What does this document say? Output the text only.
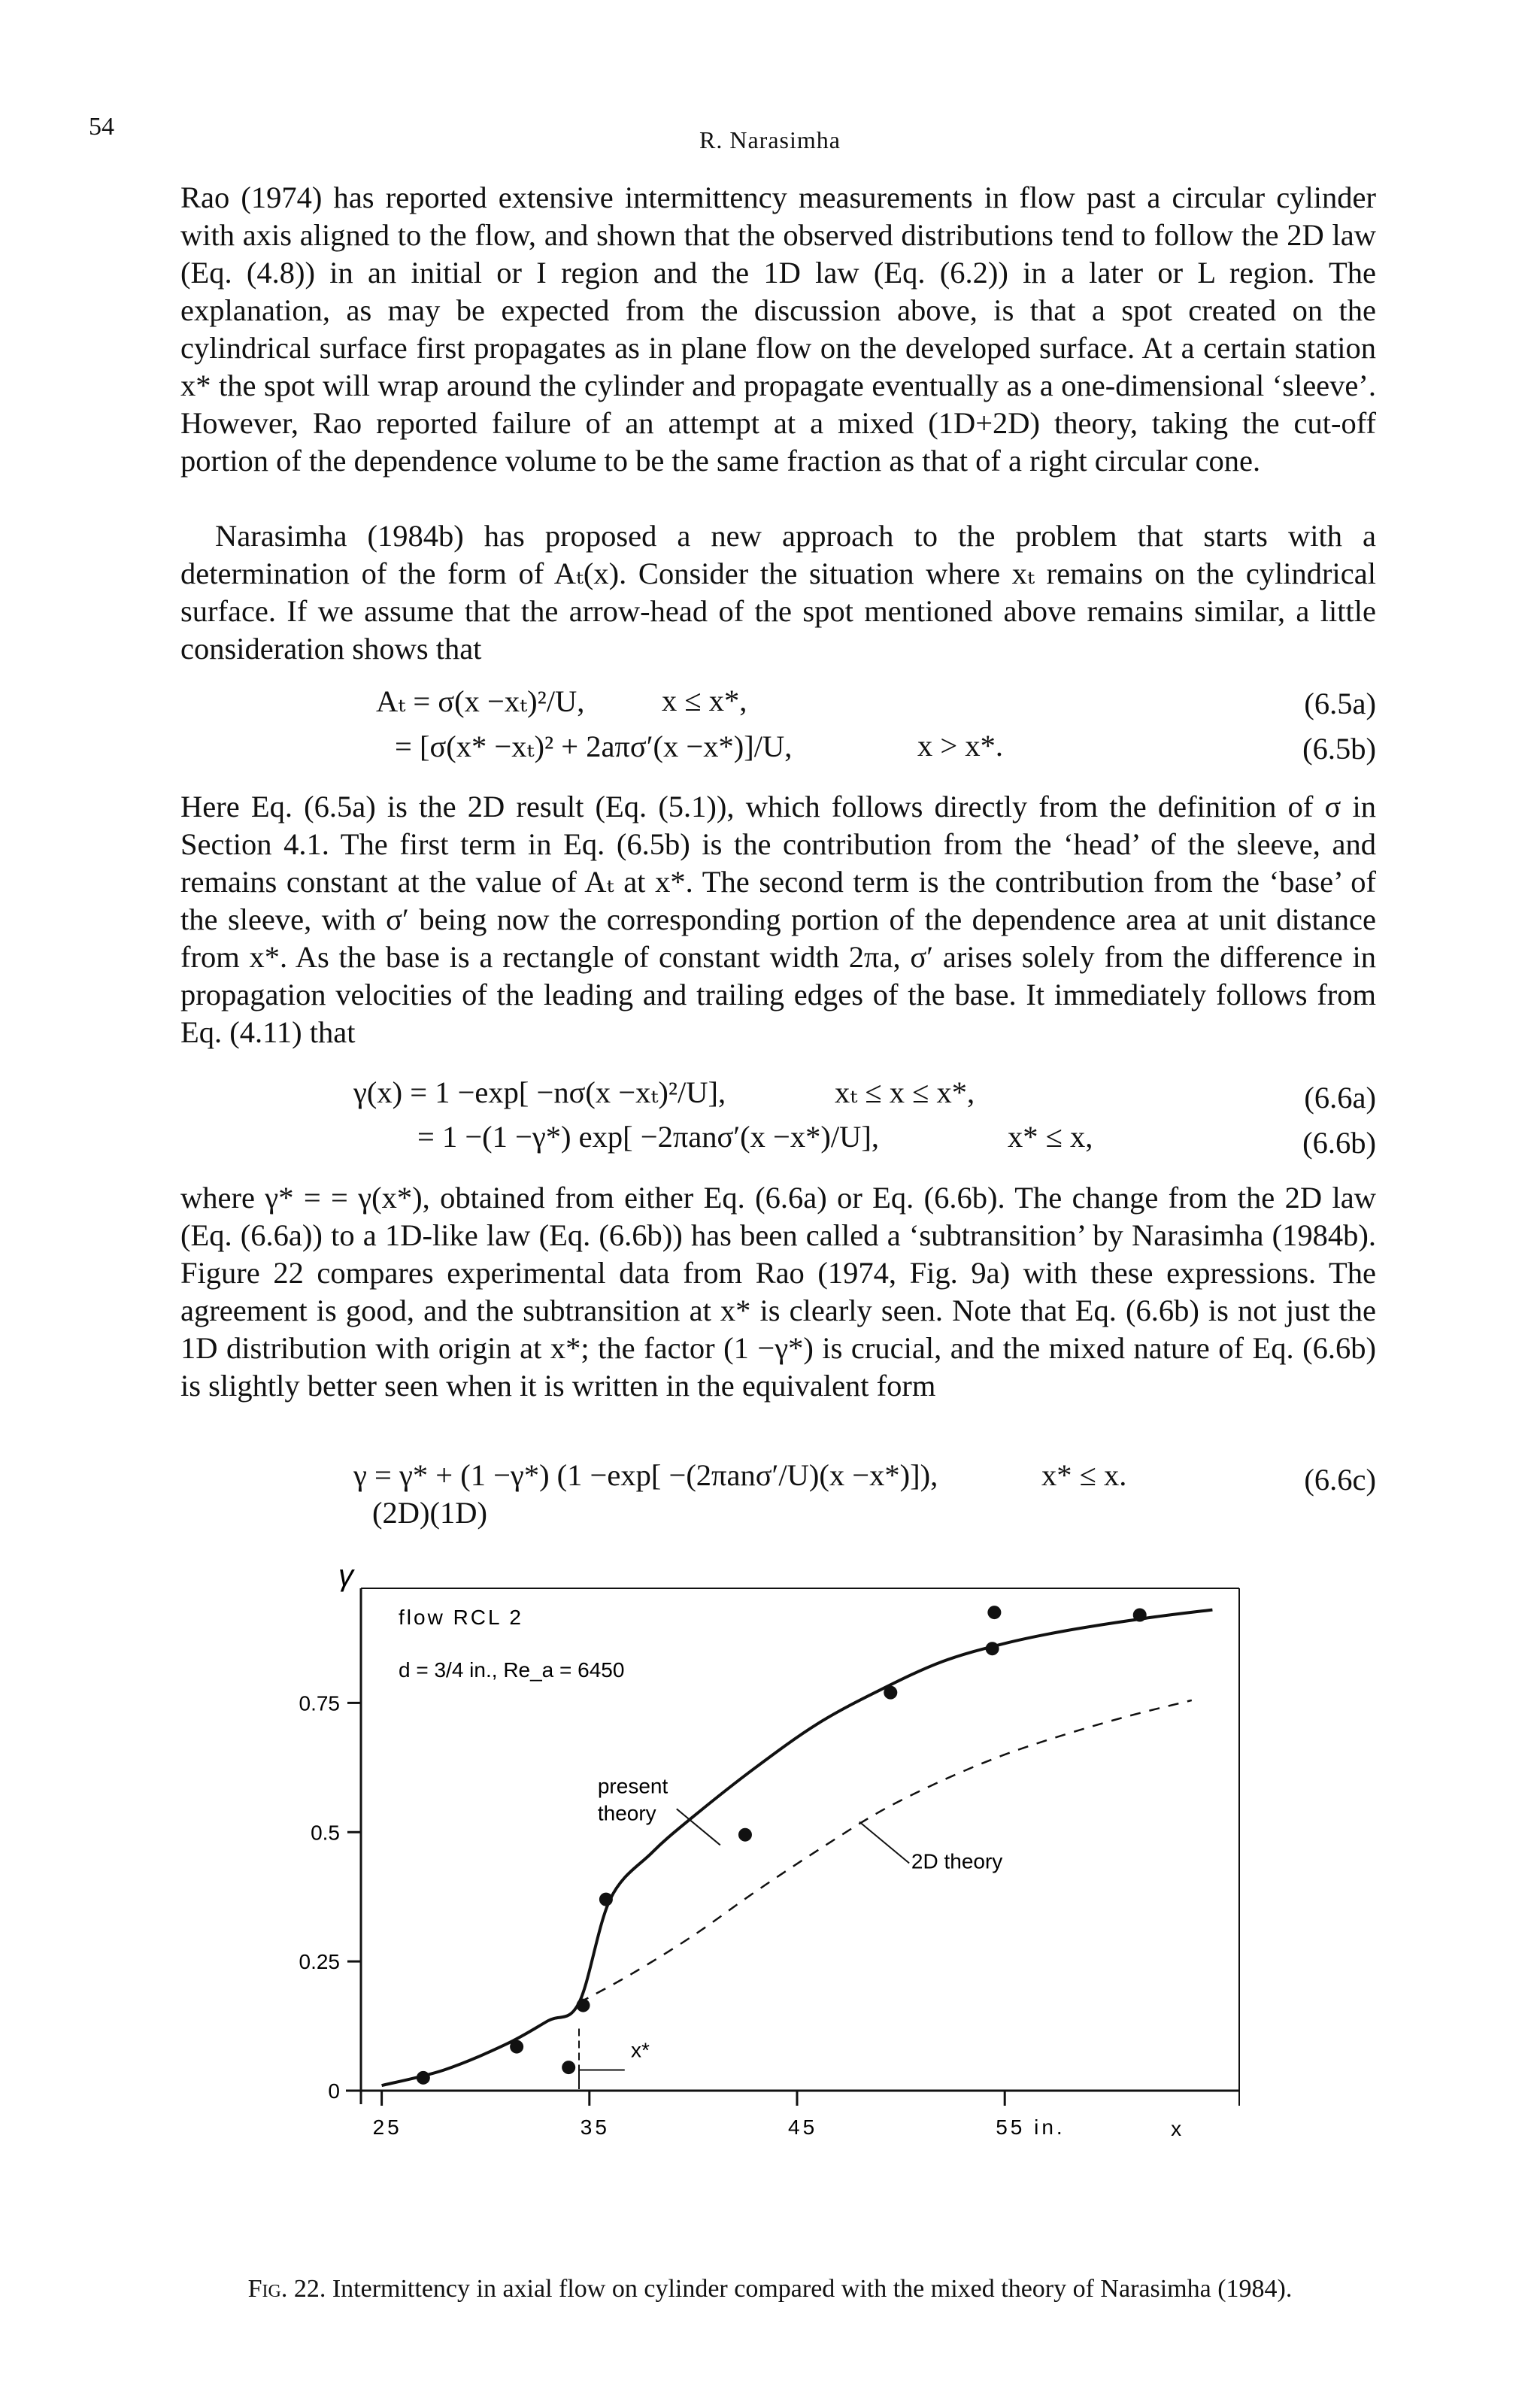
54	R. Narasimha

Rao (1974) has reported extensive intermittency measurements in flow past a circular cylinder with axis aligned to the flow, and shown that the observed distributions tend to follow the 2D law (Eq. (4.8)) in an initial or I region and the 1D law (Eq. (6.2)) in a later or L region. The explanation, as may be expected from the discussion above, is that a spot created on the cylindrical surface first propagates as in plane flow on the developed surface. At a certain station x* the spot will wrap around the cylinder and propagate eventually as a one-dimensional ‘sleeve’. However, Rao reported failure of an attempt at a mixed (1D+2D) theory, taking the cut-off portion of the dependence volume to be the same fraction as that of a right circular cone.

Narasimha (1984b) has proposed a new approach to the problem that starts with a determination of the form of Aₜ(x). Consider the situation where xₜ remains on the cylindrical surface. If we assume that the arrow-head of the spot mentioned above remains similar, a little consideration shows that

Aₜ = σ(x −xₜ)²/U,	x ≤ x*,	(6.5a)
= [σ(x* −xₜ)² + 2aπσ′(x −x*)]/U,	x > x*.	(6.5b)

Here Eq. (6.5a) is the 2D result (Eq. (5.1)), which follows directly from the definition of σ in Section 4.1. The first term in Eq. (6.5b) is the contribution from the ‘head’ of the sleeve, and remains constant at the value of Aₜ at x*. The second term is the contribution from the ‘base’ of the sleeve, with σ′ being now the corresponding portion of the dependence area at unit distance from x*. As the base is a rectangle of constant width 2πa, σ′ arises solely from the difference in propagation velocities of the leading and trailing edges of the base. It immediately follows from Eq. (4.11) that

γ(x) = 1 −exp[ −nσ(x −xₜ)²/U],	xₜ ≤ x ≤ x*,	(6.6a)
= 1 −(1 −γ*) exp[ −2πanσ′(x −x*)/U],	x* ≤ x,	(6.6b)

where γ* = = γ(x*), obtained from either Eq. (6.6a) or Eq. (6.6b). The change from the 2D law (Eq. (6.6a)) to a 1D-like law (Eq. (6.6b)) has been called a ‘subtransition’ by Narasimha (1984b). Figure 22 compares experimental data from Rao (1974, Fig. 9a) with these expressions. The agreement is good, and the subtransition at x* is clearly seen. Note that Eq. (6.6b) is not just the 1D distribution with origin at x*; the factor (1 −γ*) is crucial, and the mixed nature of Eq. (6.6b) is slightly better seen when it is written in the equivalent form

γ = γ* + (1 −γ*) (1 −exp[ −(2πanσ′/U)(x −x*)]),
(2D)(1D)
x* ≤ x.	(6.6c)
γ
0
0.25
0.5
0.75
25	35	45	55 in.	x
flow RCL 2
d = 3/4 in., Re_a = 6450
present
theory
2D theory
x*
Fig. 22. Intermittency in axial flow on cylinder compared with the mixed theory of Narasimha (1984).
